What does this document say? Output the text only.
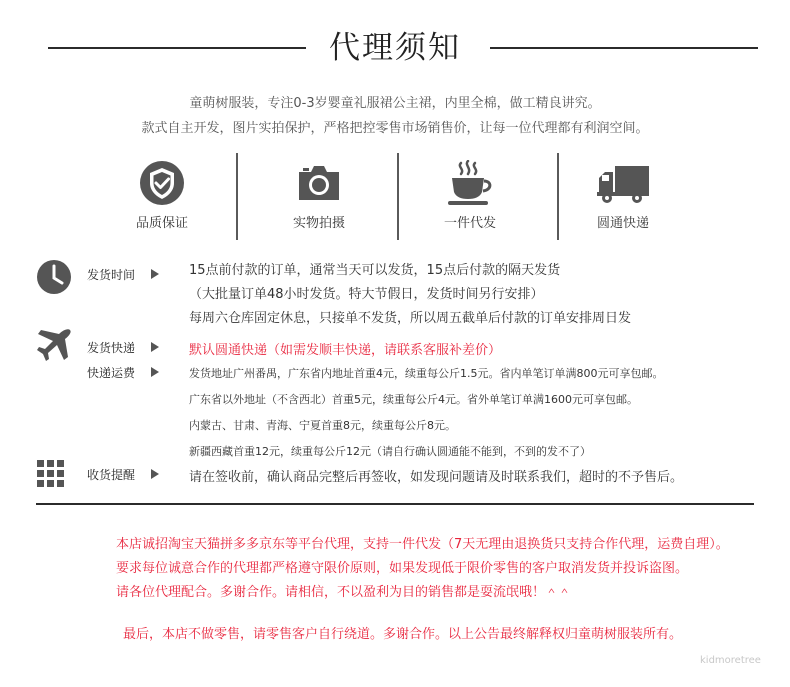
代理须知
童萌树服装，专注0-3岁婴童礼服裙公主裙，内里全棉，做工精良讲究。
款式自主开发，图片实拍保护，严格把控零售市场销售价，让每一位代理都有利润空间。
品质保证	实物拍摄	一件代发	圆通快递
发货时间	15点前付款的订单，通常当天可以发货，15点后付款的隔天发货
（大批量订单48小时发货。特大节假日，发货时间另行安排）
每周六仓库固定休息，只接单不发货，所以周五截单后付款的订单安排周日发
发货快递	默认圆通快递（如需发顺丰快递，请联系客服补差价）
快递运费	发货地址广州番禺，广东省内地址首重4元，续重每公斤1.5元。省内单笔订单满800元可享包邮。
广东省以外地址（不含西北）首重5元，续重每公斤4元。省外单笔订单满1600元可享包邮。
内蒙古、甘肃、青海、宁夏首重8元，续重每公斤8元。
新疆西藏首重12元，续重每公斤12元（请自行确认圆通能不能到，不到的发不了）
收货提醒	请在签收前，确认商品完整后再签收，如发现问题请及时联系我们，超时的不予售后。
本店诚招淘宝天猫拼多多京东等平台代理，支持一件代发（7天无理由退换货只支持合作代理，运费自理）。
要求每位诚意合作的代理都严格遵守限价原则，如果发现低于限价零售的客户取消发货并投诉盗图。
请各位代理配合。多谢合作。请相信，不以盈利为目的销售都是耍流氓哦！＾＾
最后，本店不做零售，请零售客户自行绕道。多谢合作。以上公告最终解释权归童萌树服装所有。
kidmoretree
